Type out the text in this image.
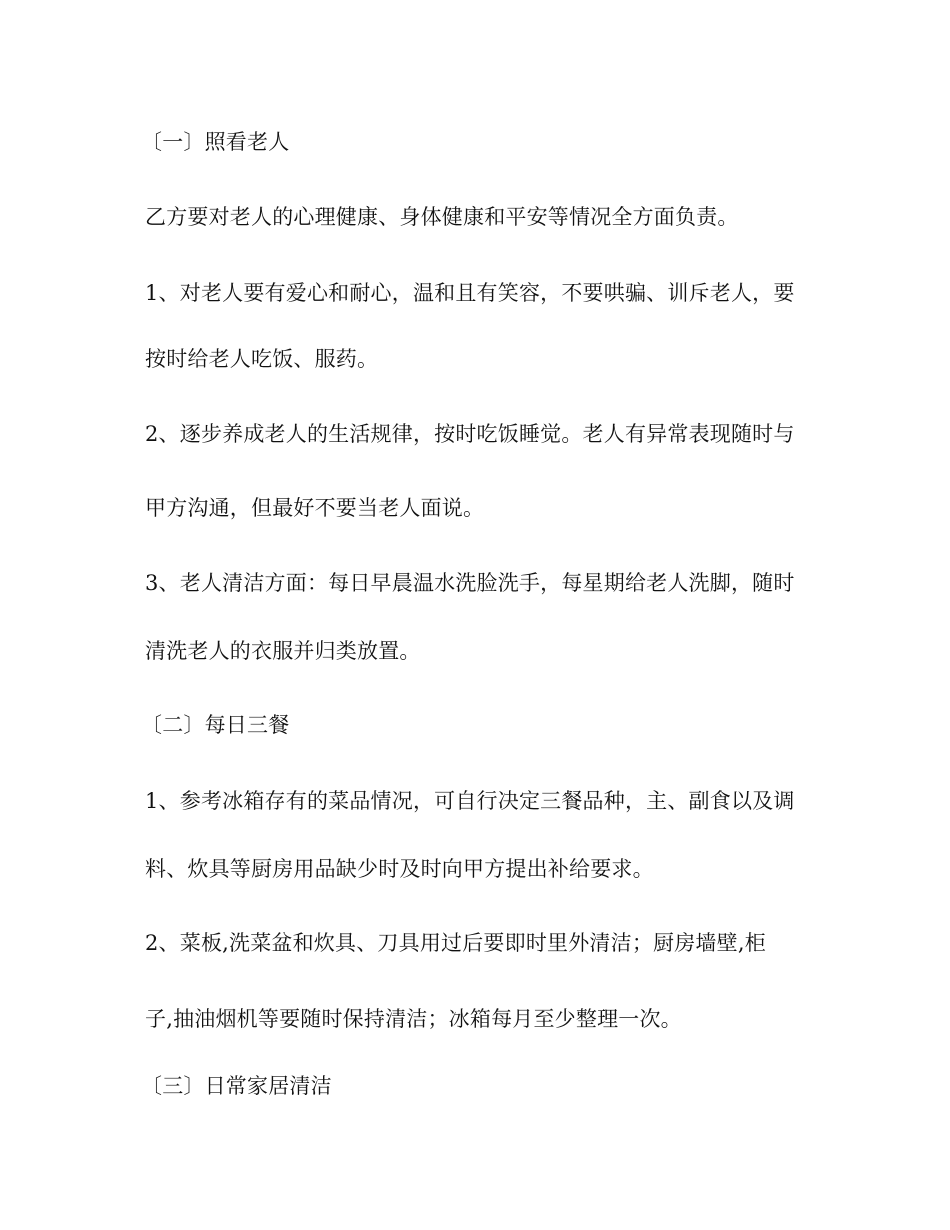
〔一〕照看老人
乙方要对老人的心理健康、身体健康和平安等情况全方面负责。
1、对老人要有爱心和耐心，温和且有笑容，不要哄骗、训斥老人，要
按时给老人吃饭、服药。
2、逐步养成老人的生活规律，按时吃饭睡觉。老人有异常表现随时与
甲方沟通，但最好不要当老人面说。
3、老人清洁方面：每日早晨温水洗脸洗手，每星期给老人洗脚，随时
清洗老人的衣服并归类放置。
〔二〕每日三餐
1、参考冰箱存有的菜品情况，可自行决定三餐品种，主、副食以及调
料、炊具等厨房用品缺少时及时向甲方提出补给要求。
2、菜板,洗菜盆和炊具、刀具用过后要即时里外清洁；厨房墙壁,柜
子,抽油烟机等要随时保持清洁；冰箱每月至少整理一次。
〔三〕日常家居清洁
